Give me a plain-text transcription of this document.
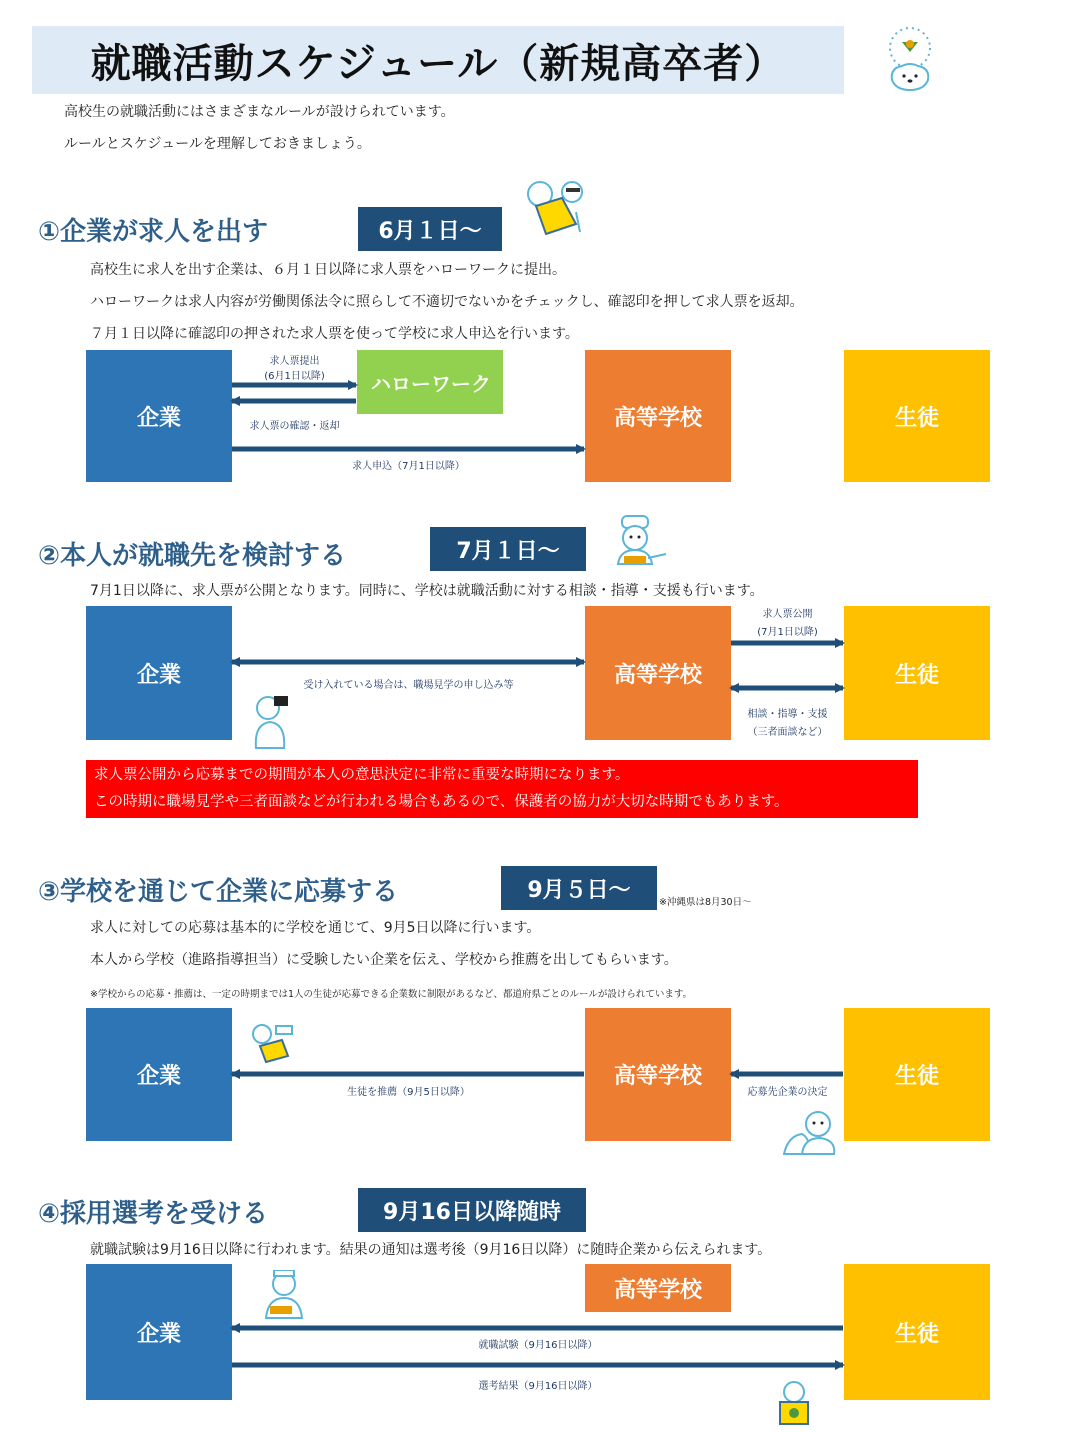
就職活動スケジュール（新規高卒者）
高校生の就職活動にはさまざまなルールが設けられています。
ルールとスケジュールを理解しておきましょう。
①企業が求人を出す	6月１日～
高校生に求人を出す企業は、６月１日以降に求人票をハローワークに提出。
ハローワークは求人内容が労働関係法令に照らして不適切でないかをチェックし、確認印を押して求人票を返却。
７月１日以降に確認印の押された求人票を使って学校に求人申込を行います。
企業
ハローワーク
高等学校	生徒
求人票提出
(6月1日以降)
求人票の確認・返却
求人申込（7月1日以降）
②本人が就職先を検討する	7月１日～
7月1日以降に、求人票が公開となります。同時に、学校は就職活動に対する相談・指導・支援も行います。
企業	高等学校	生徒
受け入れている場合は、職場見学の申し込み等
求人票公開
(7月1日以降)
相談・指導・支援
（三者面談など）
求人票公開から応募までの期間が本人の意思決定に非常に重要な時期になります。
この時期に職場見学や三者面談などが行われる場合もあるので、保護者の協力が大切な時期でもあります。
③学校を通じて企業に応募する	9月５日～	※沖縄県は8月30日～
求人に対しての応募は基本的に学校を通じて、9月5日以降に行います。
本人から学校（進路指導担当）に受験したい企業を伝え、学校から推薦を出してもらいます。
※学校からの応募・推薦は、一定の時期までは1人の生徒が応募できる企業数に制限があるなど、都道府県ごとのルールが設けられています。
企業	高等学校	生徒
生徒を推薦（9月5日以降）	応募先企業の決定
④採用選考を受ける	9月16日以降随時
就職試験は9月16日以降に行われます。結果の通知は選考後（9月16日以降）に随時企業から伝えられます。
企業
高等学校
生徒
就職試験（9月16日以降）
選考結果（9月16日以降）
